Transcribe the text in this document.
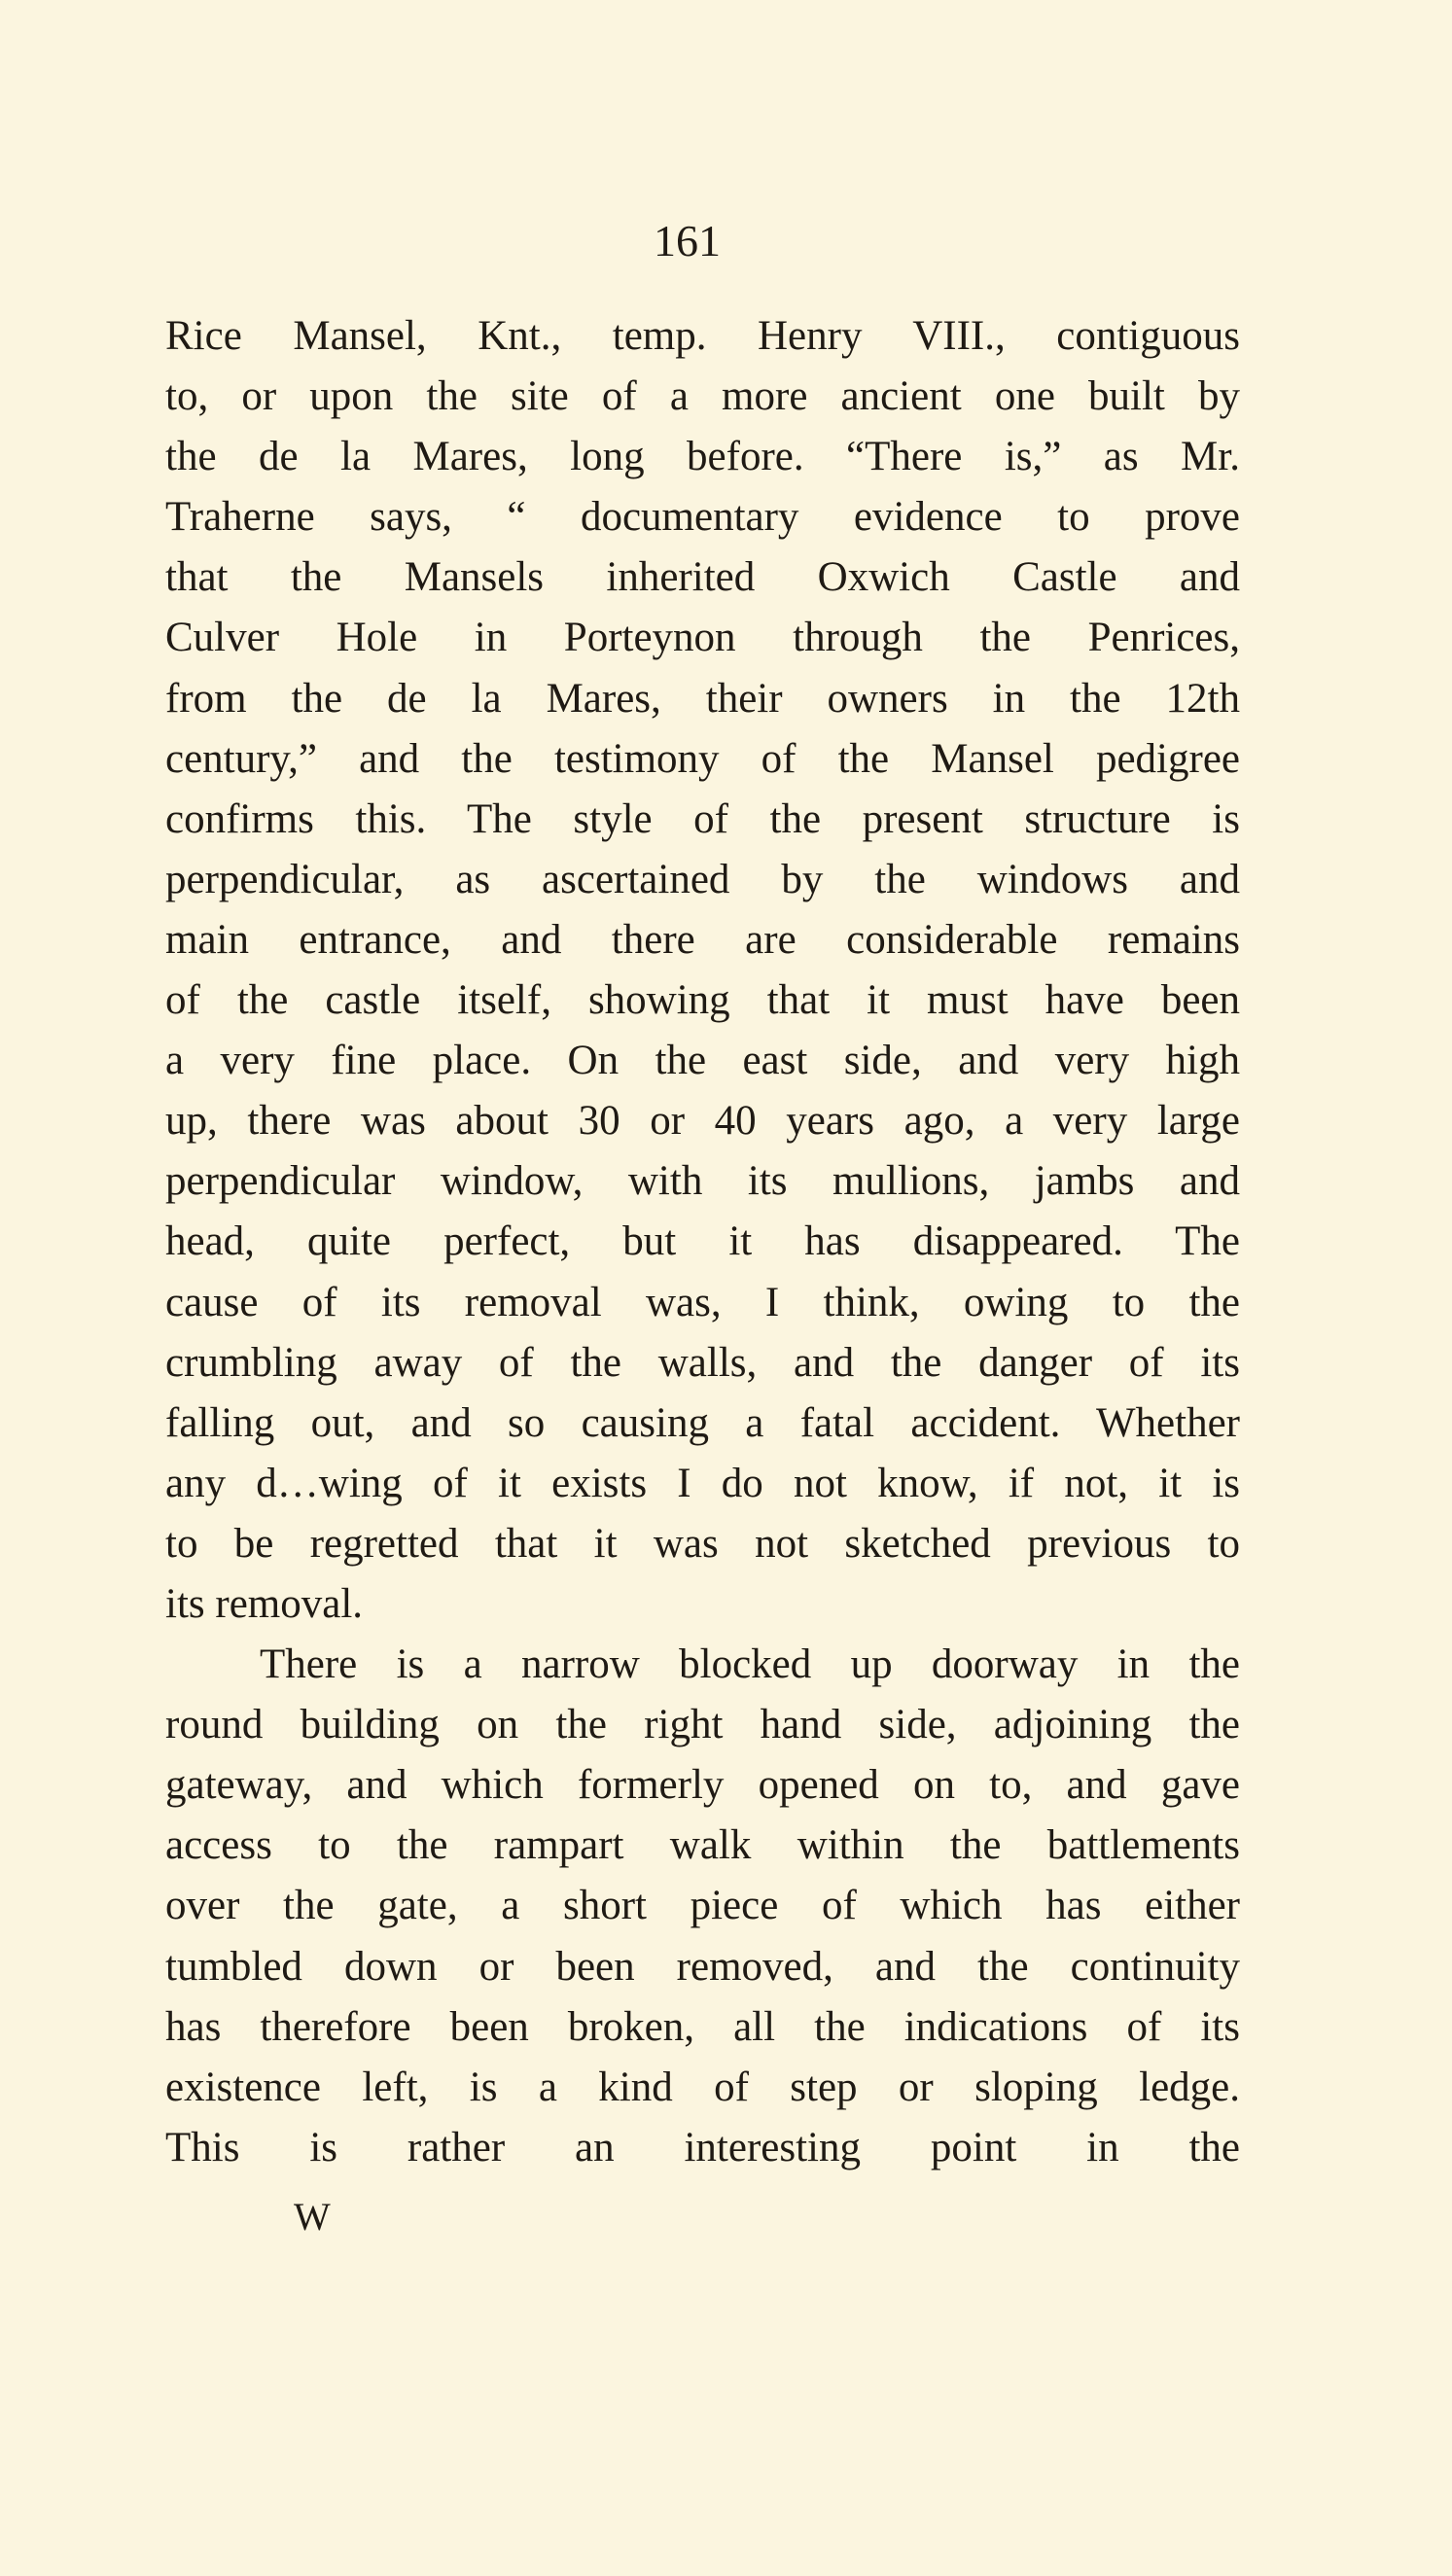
161
Rice Mansel, Knt., temp. Henry VIII., contiguous
to, or upon the site of a more ancient one built by
the de la Mares, long before. “There is,” as Mr.
Traherne says, “ documentary evidence to prove
that the Mansels inherited Oxwich Castle and
Culver Hole in Porteynon through the Penrices,
from the de la Mares, their owners in the 12th
century,” and the testimony of the Mansel pedigree
confirms this. The style of the present structure is
perpendicular, as ascertained by the windows and
main entrance, and there are considerable remains
of the castle itself, showing that it must have been
a very fine place. On the east side, and very high
up, there was about 30 or 40 years ago, a very large
perpendicular window, with its mullions, jambs and
head, quite perfect, but it has disappeared. The
cause of its removal was, I think, owing to the
crumbling away of the walls, and the danger of its
falling out, and so causing a fatal accident. Whether
any d…wing of it exists I do not know, if not, it is
to be regretted that it was not sketched previous to
its removal.
There is a narrow blocked up doorway in the
round building on the right hand side, adjoining the
gateway, and which formerly opened on to, and gave
access to the rampart walk within the battlements
over the gate, a short piece of which has either
tumbled down or been removed, and the continuity
has therefore been broken, all the indications of its
existence left, is a kind of step or sloping ledge.
This is rather an interesting point in the
W
